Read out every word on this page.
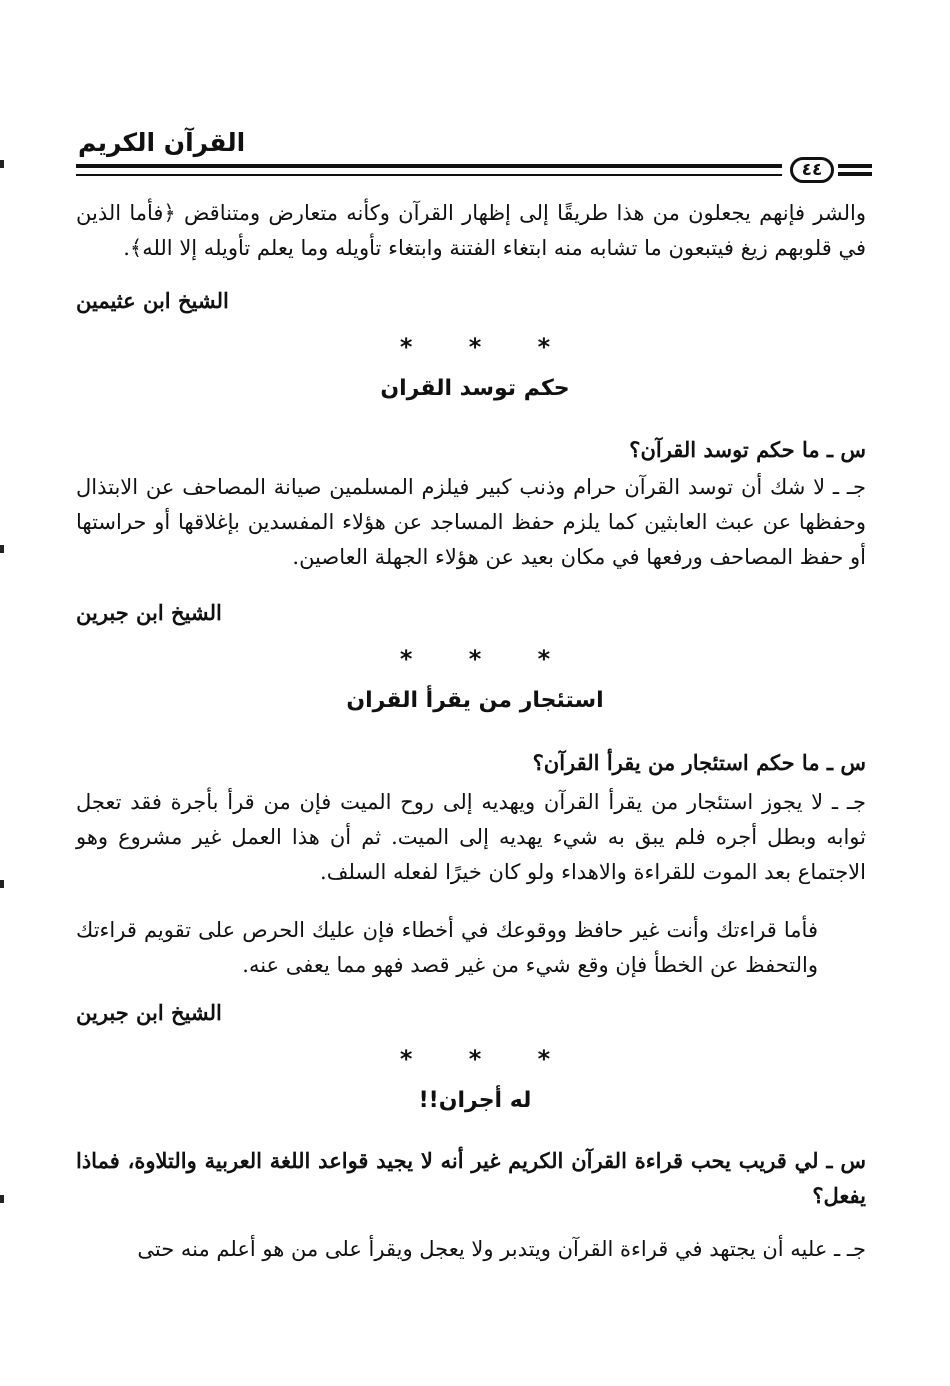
القرآن الكريم
٤٤
والشر فإنهم يجعلون من هذا طريقًا إلى إظهار القرآن وكأنه متعارض ومتناقض ﴿فأما الذين في قلوبهم زيغ فيتبعون ما تشابه منه ابتغاء الفتنة وابتغاء تأويله وما يعلم تأويله إلا الله﴾.
الشيخ ابن عثيمين
* * *
حكم توسد القران
س ـ ما حكم توسد القرآن؟
جـ ـ لا شك أن توسد القرآن حرام وذنب كبير فيلزم المسلمين صيانة المصاحف عن الابتذال وحفظها عن عبث العابثين كما يلزم حفظ المساجد عن هؤلاء المفسدين بإغلاقها أو حراستها أو حفظ المصاحف ورفعها في مكان بعيد عن هؤلاء الجهلة العاصين.
الشيخ ابن جبرين
* * *
استئجار من يقرأ القران
س ـ ما حكم استئجار من يقرأ القرآن؟
جـ ـ لا يجوز استئجار من يقرأ القرآن ويهديه إلى روح الميت فإن من قرأ بأجرة فقد تعجل ثوابه وبطل أجره فلم يبق به شيء يهديه إلى الميت. ثم أن هذا العمل غير مشروع وهو الاجتماع بعد الموت للقراءة والاهداء ولو كان خيرًا لفعله السلف.
فأما قراءتك وأنت غير حافظ ووقوعك في أخطاء فإن عليك الحرص على تقويم قراءتك والتحفظ عن الخطأ فإن وقع شيء من غير قصد فهو مما يعفى عنه.
الشيخ ابن جبرين
* * *
له أجران!!
س ـ لي قريب يحب قراءة القرآن الكريم غير أنه لا يجيد قواعد اللغة العربية والتلاوة، فماذا يفعل؟
جـ ـ عليه أن يجتهد في قراءة القرآن ويتدبر ولا يعجل ويقرأ على من هو أعلم منه حتى
